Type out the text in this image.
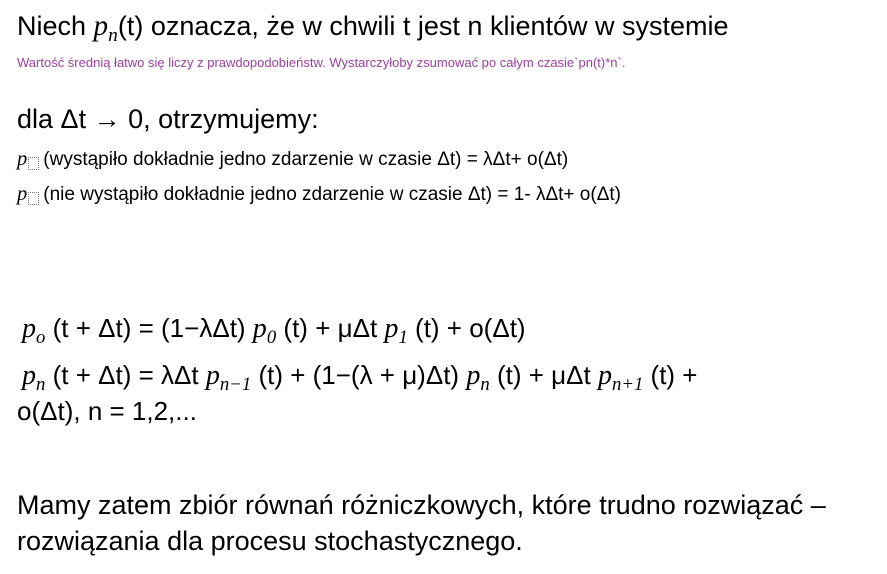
Niech $p_n(t)$ oznacza, że w chwili t jest n klientów w systemie
Wartość średnią łatwo się liczy z prawdopodobieństw. Wystarczyłoby zsumować po całym czasie`pn(t)*n`.
dla Δt → 0, otrzymujemy:
p (wystąpiło dokładnie jedno zdarzenie w czasie Δt) = λΔt+ o(Δt)
p (nie wystąpiło dokładnie jedno zdarzenie w czasie Δt) = 1- λΔt+ o(Δt)
$p_o$ (t + Δt) = (1−λΔt) $p_0$ (t) + μΔt $p_1$ (t) + o(Δt)
$p_n$ (t + Δt) = λΔt $p_{n-1}$ (t) + (1−(λ + μ)Δt) $p_n$ (t) + μΔt $p_{n+1}$ (t) +
o(Δt), n = 1,2,...
Mamy zatem zbiór równań różniczkowych, które trudno rozwiązać –
rozwiązania dla procesu stochastycznego.
